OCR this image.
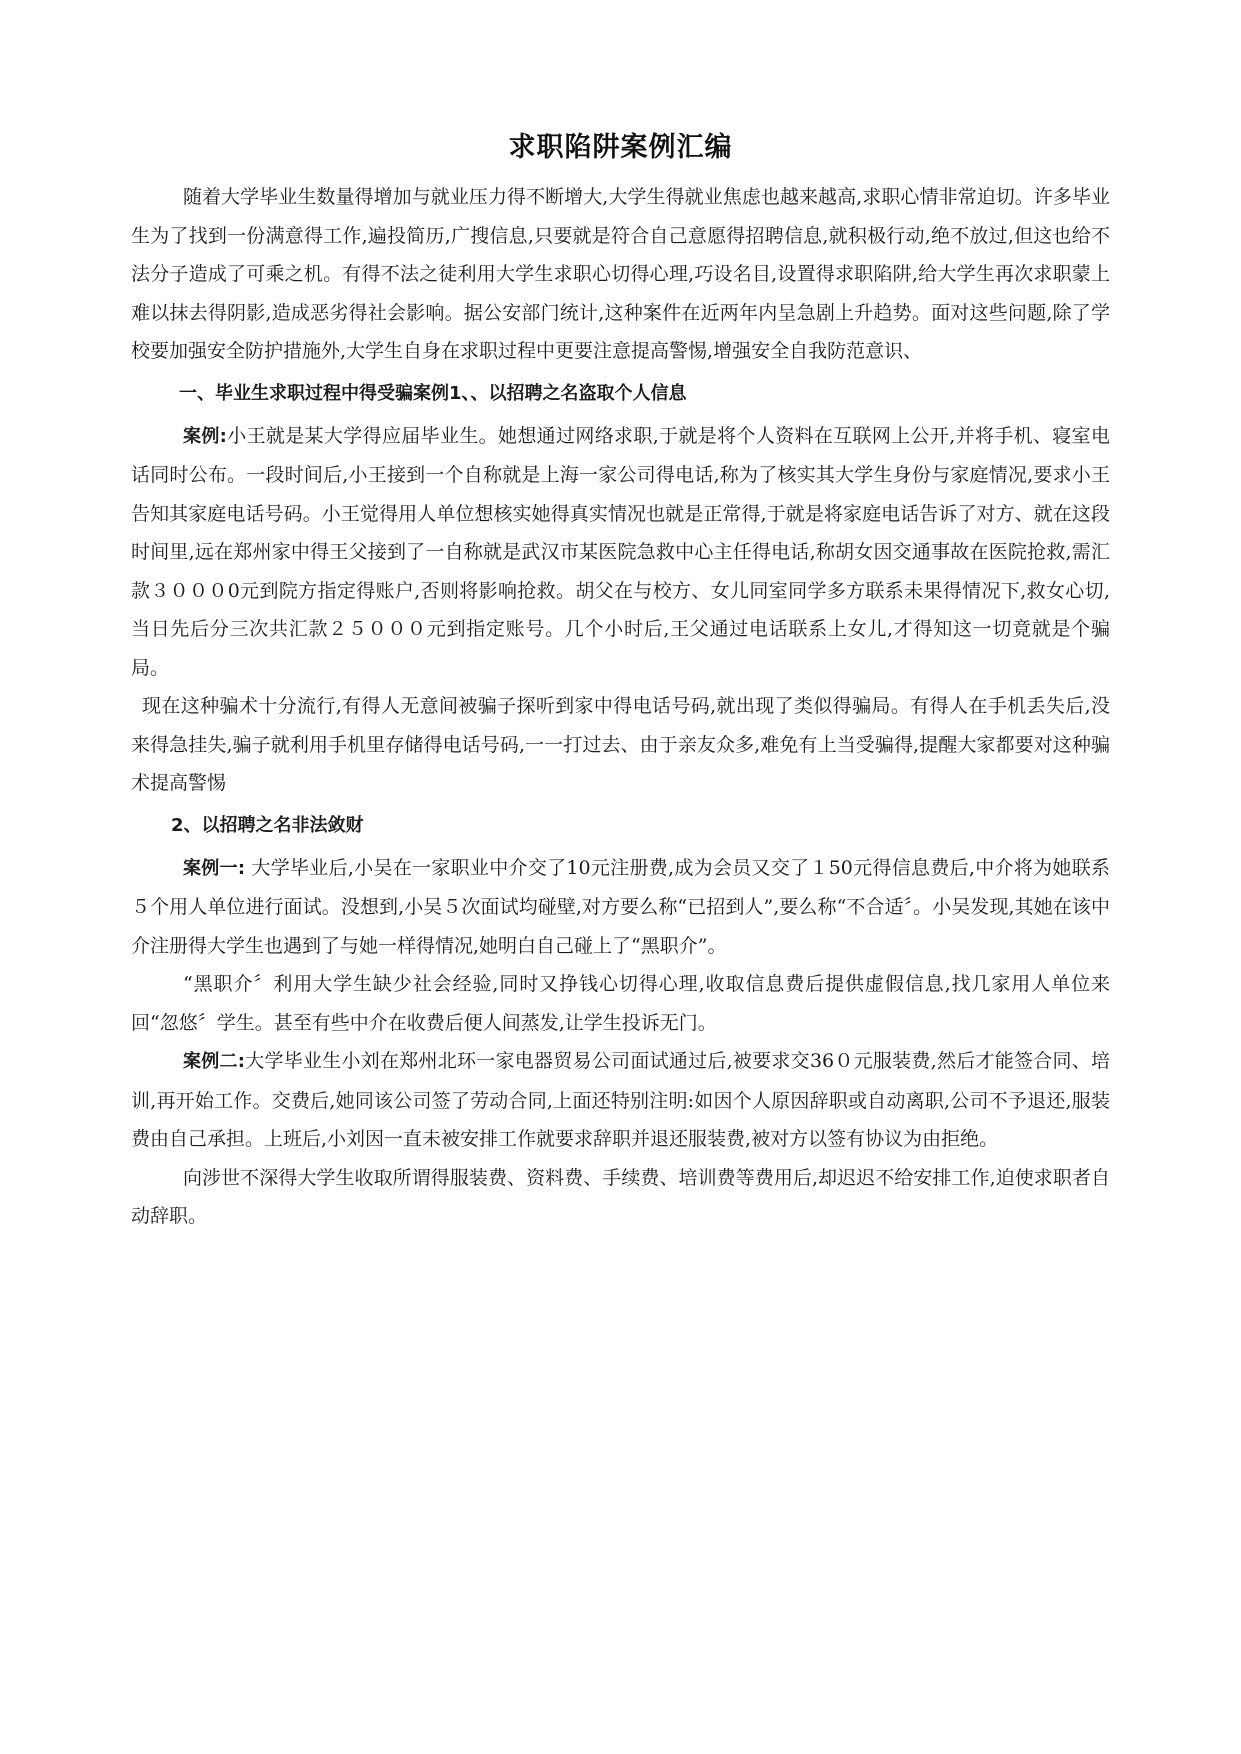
求职陷阱案例汇编

随着大学毕业生数量得增加与就业压力得不断增大,大学生得就业焦虑也越来越高,求职心情非常迫切。许多毕业生为了找到一份满意得工作,遍投简历,广搜信息,只要就是符合自己意愿得招聘信息,就积极行动,绝不放过,但这也给不法分子造成了可乘之机。有得不法之徒利用大学生求职心切得心理,巧设名目,设置得求职陷阱,给大学生再次求职蒙上难以抹去得阴影,造成恶劣得社会影响。据公安部门统计,这种案件在近两年内呈急剧上升趋势。面对这些问题,除了学校要加强安全防护措施外,大学生自身在求职过程中更要注意提高警惕,增强安全自我防范意识、

一、毕业生求职过程中得受骗案例1、、以招聘之名盗取个人信息

案例:小王就是某大学得应届毕业生。她想通过网络求职,于就是将个人资料在互联网上公开,并将手机、寝室电话同时公布。一段时间后,小王接到一个自称就是上海一家公司得电话,称为了核实其大学生身份与家庭情况,要求小王告知其家庭电话号码。小王觉得用人单位想核实她得真实情况也就是正常得,于就是将家庭电话告诉了对方、就在这段时间里,远在郑州家中得王父接到了一自称就是武汉市某医院急救中心主任得电话,称胡女因交通事故在医院抢救,需汇款３０００0元到院方指定得账户,否则将影响抢救。胡父在与校方、女儿同室同学多方联系未果得情况下,救女心切,当日先后分三次共汇款２５０００元到指定账号。几个小时后,王父通过电话联系上女儿,才得知这一切竟就是个骗局。

现在这种骗术十分流行,有得人无意间被骗子探听到家中得电话号码,就出现了类似得骗局。有得人在手机丢失后,没来得急挂失,骗子就利用手机里存储得电话号码,一一打过去、由于亲友众多,难免有上当受骗得,提醒大家都要对这种骗术提高警惕

2、以招聘之名非法敛财

案例一: 大学毕业后,小吴在一家职业中介交了10元注册费,成为会员又交了１50元得信息费后,中介将为她联系５个用人单位进行面试。没想到,小吴５次面试均碰壁,对方要么称“已招到人”,要么称“不合适〞。小吴发现,其她在该中介注册得大学生也遇到了与她一样得情况,她明白自己碰上了“黑职介”。

“黑职介〞利用大学生缺少社会经验,同时又挣钱心切得心理,收取信息费后提供虚假信息,找几家用人单位来回“忽悠〞学生。甚至有些中介在收费后便人间蒸发,让学生投诉无门。

案例二:大学毕业生小刘在郑州北环一家电器贸易公司面试通过后,被要求交36０元服装费,然后才能签合同、培训,再开始工作。交费后,她同该公司签了劳动合同,上面还特别注明:如因个人原因辞职或自动离职,公司不予退还,服装费由自己承担。上班后,小刘因一直未被安排工作就要求辞职并退还服装费,被对方以签有协议为由拒绝。

向涉世不深得大学生收取所谓得服装费、资料费、手续费、培训费等费用后,却迟迟不给安排工作,迫使求职者自动辞职。
